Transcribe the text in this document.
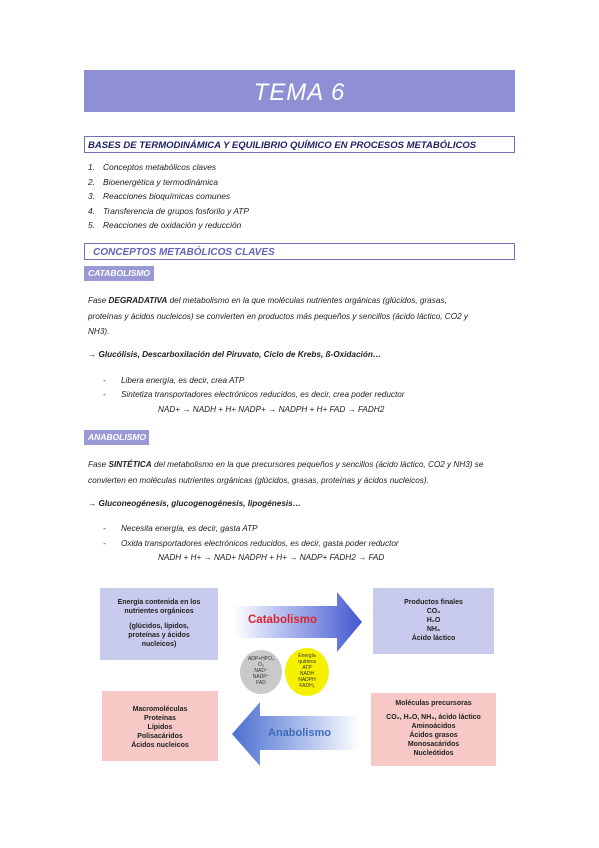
TEMA 6
BASES DE TERMODINÁMICA Y EQUILIBRIO QUÍMICO EN PROCESOS METABÓLICOS
1. Conceptos metabólicos claves
2. Bioenergética y termodinámica
3. Reacciones bioquímicas comunes
4. Transferencia de grupos fosforilo y ATP
5. Reacciones de oxidación y reducción
CONCEPTOS METABÓLICOS CLAVES
CATABOLISMO
Fase DEGRADATIVA del metabolismo en la que moléculas nutrientes orgánicas (glúcidos, grasas,
proteínas y ácidos nucleicos) se convierten en productos más pequeños y sencillos (ácido láctico, CO2 y
NH3).
→ Glucólisis, Descarboxilación del Piruvato, Ciclo de Krebs, ß-Oxidación…
- Libera energía, es decir, crea ATP
- Sintetiza transportadores electrónicos reducidos, es decir, crea poder reductor
NAD+ → NADH + H+ NADP+ → NADPH + H+ FAD → FADH2
ANABOLISMO
Fase SINTÉTICA del metabolismo en la que precursores pequeños y sencillos (ácido láctico, CO2 y NH3) se
convierten en moléculas nutrientes orgánicas (glúcidos, grasas, proteínas y ácidos nucleicos).
→ Gluconeogénesis, glucogenogénesis, lipogénesis…
- Necesita energía, es decir, gasta ATP
- Oxida transportadores electrónicos reducidos, es decir, gasta poder reductor
NADH + H+ → NAD+ NADPH + H+ → NADP+ FADH2 → FAD
Energía contenida en los
nutrientes orgánicos
(glúcidos, lípidos,
proteínas y ácidos
nucleicos)
Productos finales
CO₂
H₂O
NH₃
Ácido láctico
Macromoléculas
Proteínas
Lípidos
Polisacáridos
Ácidos nucleicos
Moléculas precursoras
CO₂, H₂O, NH₃, ácido láctico
Aminoácidos
Ácidos grasos
Monosacáridos
Nucleótidos
Catabolismo
Anabolismo
ADP+HPO₄
O₂
NAD⁺
NADP⁺
FAD
Energía
química
ATP
NADH
NADPH
FADH₂
